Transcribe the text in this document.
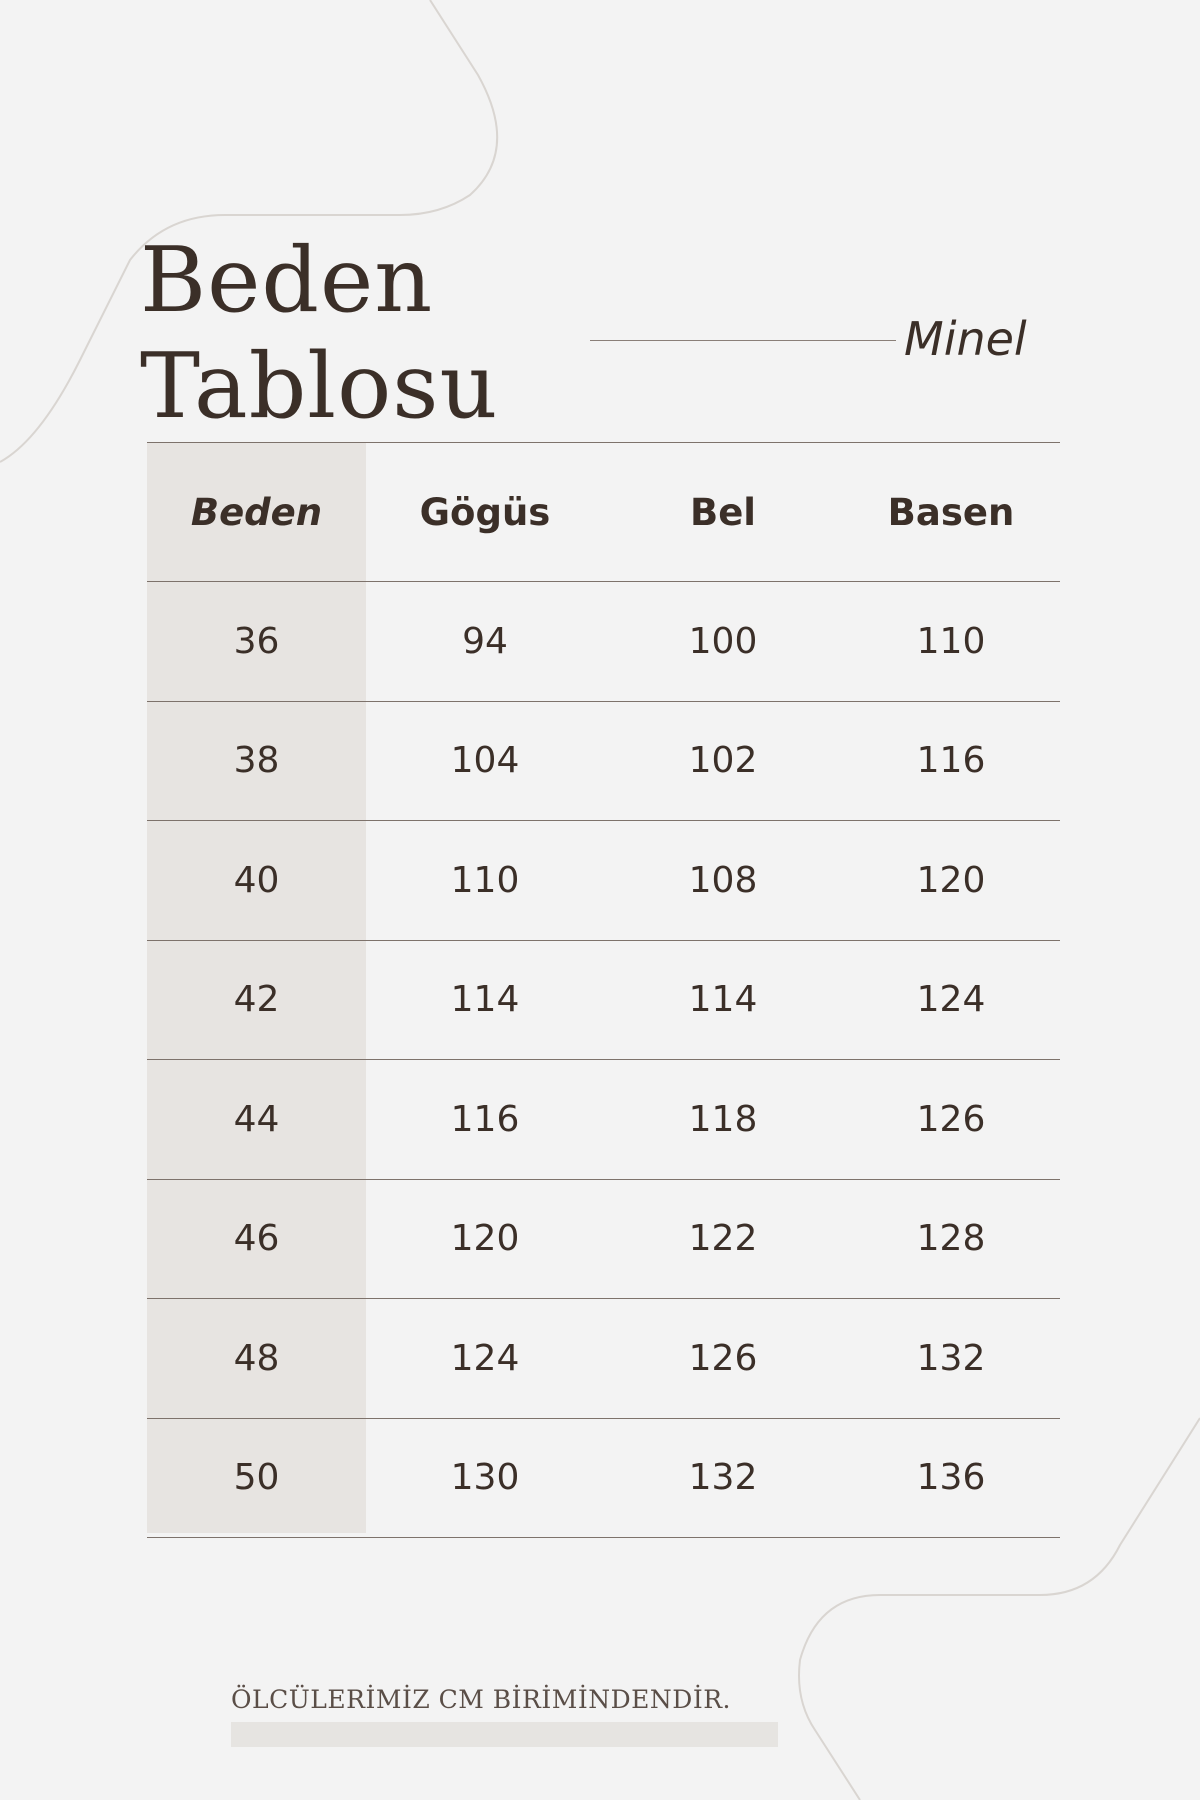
Beden
Tablosu	Minel
Beden	Gögüs	Bel	Basen
36	94	100	110
38	104	102	116
40	110	108	120
42	114	114	124
44	116	118	126
46	120	122	128
48	124	126	132
50	130	132	136
ÖLCÜLERİMİZ CM BİRİMİNDENDİR.
